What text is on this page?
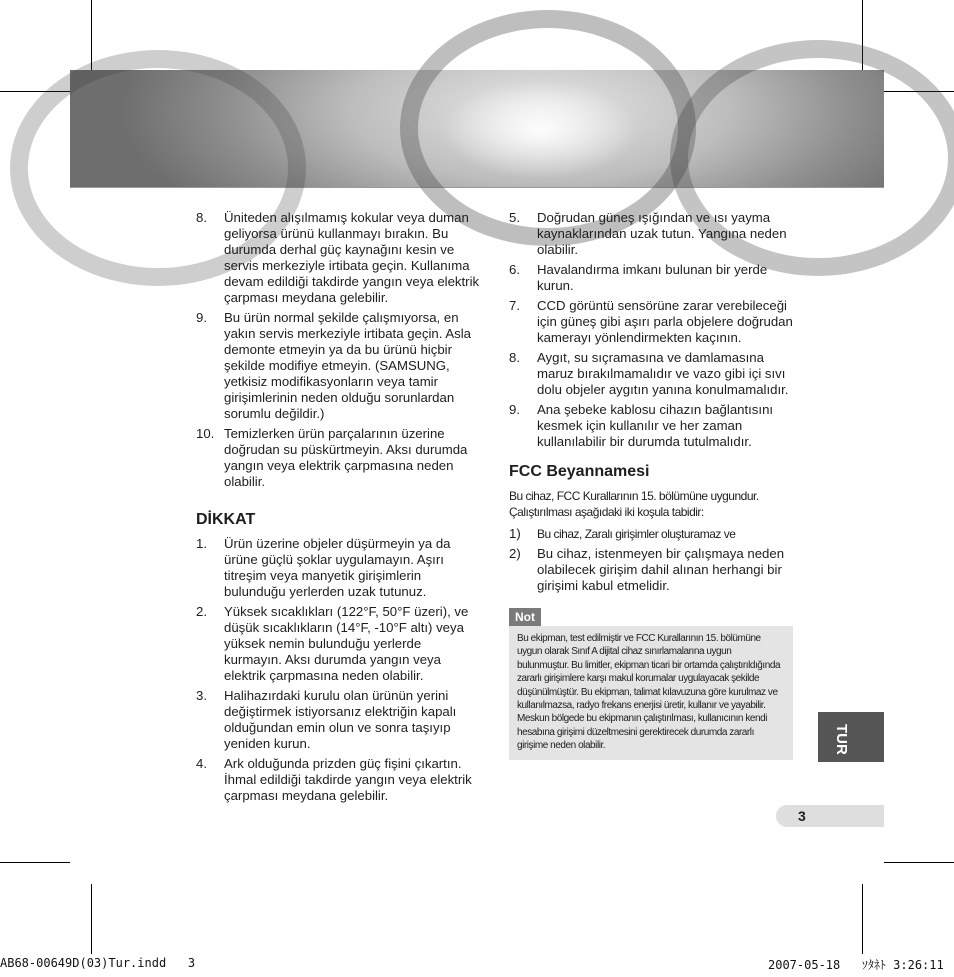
8. Üniteden alışılmamış kokular veya duman geliyorsa ürünü kullanmayı bırakın. Bu durumda derhal güç kaynağını kesin ve servis merkeziyle irtibata geçin. Kullanıma devam edildiği takdirde yangın veya elektrik çarpması meydana gelebilir.
9. Bu ürün normal şekilde çalışmıyorsa, en yakın servis merkeziyle irtibata geçin. Asla demonte etmeyin ya da bu ürünü hiçbir şekilde modifiye etmeyin. (SAMSUNG, yetkisiz modifikasyonların veya tamir girişimlerinin neden olduğu sorunlardan sorumlu değildir.)
10. Temizlerken ürün parçalarının üzerine doğrudan su püskürtmeyin. Aksı durumda yangın veya elektrik çarpmasına neden olabilir.
DİKKAT
1. Ürün üzerine objeler düşürmeyin ya da ürüne güçlü şoklar uygulamayın. Aşırı titreşim veya manyetik girişimlerin bulunduğu yerlerden uzak tutunuz.
2. Yüksek sıcaklıkları (122°F, 50°F üzeri), ve düşük sıcaklıkların (14°F, -10°F altı) veya yüksek nemin bulunduğu yerlerde kurmayın. Aksı durumda yangın veya elektrik çarpmasına neden olabilir.
3. Halihazırdaki kurulu olan ürünün yerini değiştirmek istiyorsanız elektriğin kapalı olduğundan emin olun ve sonra taşıyıp yeniden kurun.
4. Ark olduğunda prizden güç fişini çıkartın. İhmal edildiği takdirde yangın veya elektrik çarpması meydana gelebilir.
5. Doğrudan güneş ışığından ve ısı yayma kaynaklarından uzak tutun. Yangına neden olabilir.
6. Havalandırma imkanı bulunan bir yerde kurun.
7. CCD görüntü sensörüne zarar verebileceği için güneş gibi aşırı parla objelere doğrudan kamerayı yönlendirmekten kaçının.
8. Aygıt, su sıçramasına ve damlamasına maruz bırakılmamalıdır ve vazo gibi içi sıvı dolu objeler aygıtın yanına konulmamalıdır.
9. Ana şebeke kablosu cihazın bağlantısını kesmek için kullanılır ve her zaman kullanılabilir bir durumda tutulmalıdır.
FCC Beyannamesi
Bu cihaz, FCC Kurallarının 15. bölümüne uygundur. Çalıştırılması aşağıdaki iki koşula tabidir:
1) Bu cihaz, Zaralı girişimler oluşturamaz ve
2) Bu cihaz, istenmeyen bir çalışmaya neden olabilecek girişim dahil alınan herhangi bir girişimi kabul etmelidir.
Not
Bu ekipman, test edilmiştir ve FCC Kurallarının 15. bölümüne uygun olarak Sınıf A dijital cihaz sınırlamalarına uygun bulunmuştur. Bu limitler, ekipman ticari bir ortamda çalıştırıldığında zararlı girişimlere karşı makul korumalar uygulayacak şekilde düşünülmüştür. Bu ekipman, talimat kılavuzuna göre kurulmaz ve kullanılmazsa, radyo frekans enerjisi üretir, kullanır ve yayabilir. Meskun bölgede bu ekipmanın çalıştırılması, kullanıcının kendi hesabına girişimi düzeltmesini gerektirecek durumda zararlı girişime neden olabilir.	TUR
3
AB68-00649D(03)Tur.indd   3	2007-05-18   ｿﾀﾈﾄ 3:26:11
